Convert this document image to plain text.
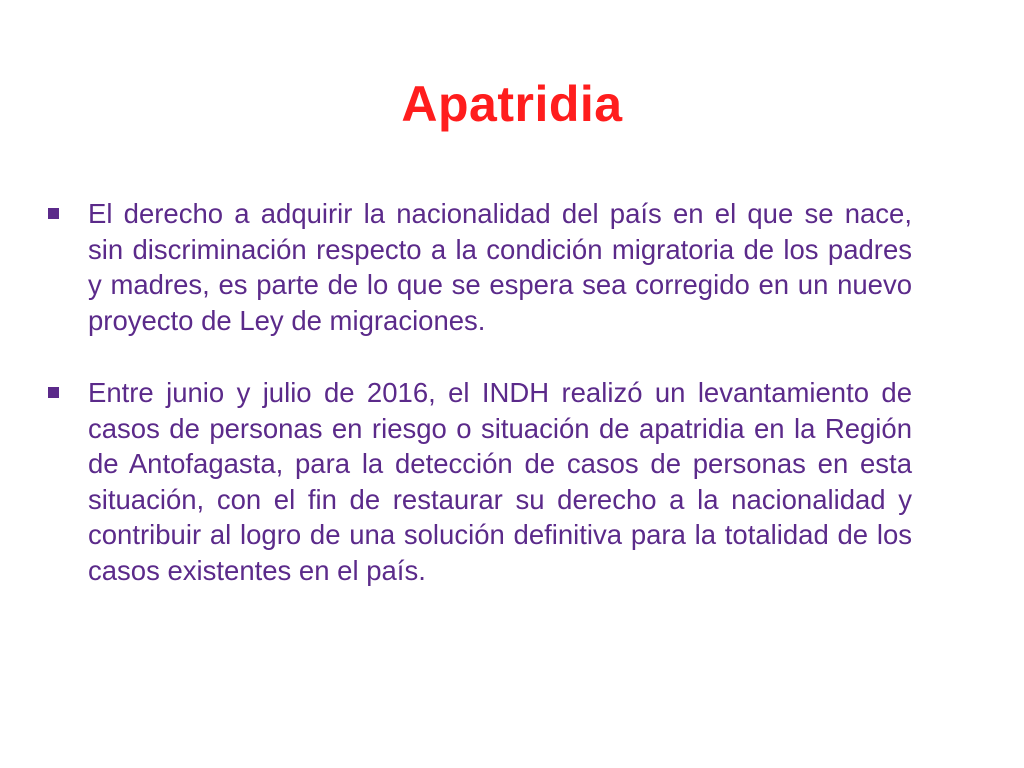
Apatridia
El derecho a adquirir la nacionalidad del país en el que se nace, sin discriminación respecto a la condición migratoria de los padres y madres, es parte de lo que se espera sea corregido en un nuevo proyecto de Ley de migraciones.
Entre junio y julio de 2016, el INDH realizó un levantamiento de casos de personas en riesgo o situación de apatridia en la Región de Antofagasta, para la detección de casos de personas en esta situación, con el fin de restaurar su derecho a la nacionalidad y contribuir al logro de una solución definitiva para la totalidad de los casos existentes en el país.
